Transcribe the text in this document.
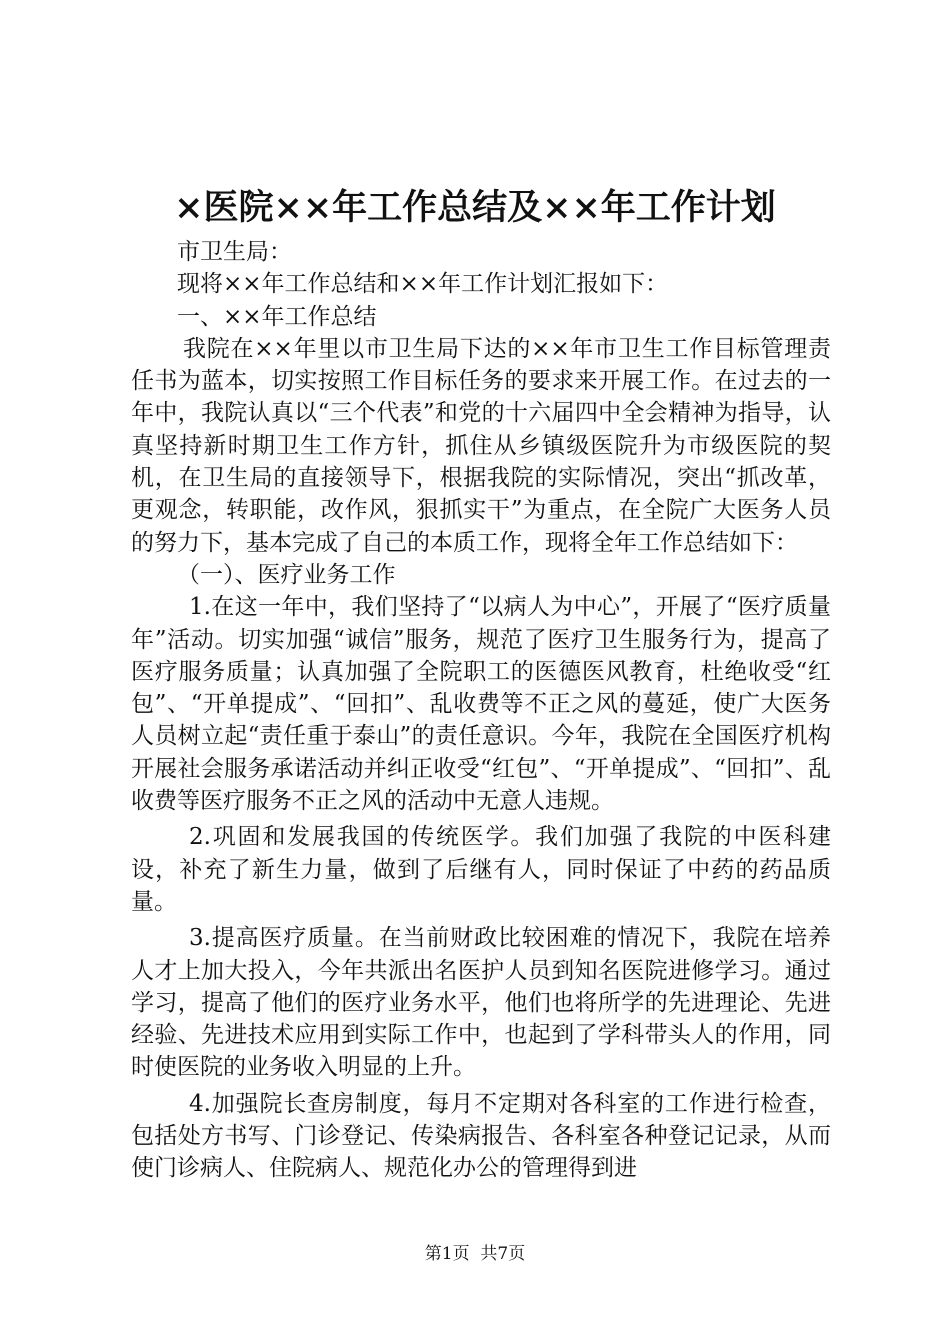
×医院××年工作总结及××年工作计划

市卫生局：

现将××年工作总结和××年工作计划汇报如下：

一、××年工作总结

我院在××年里以市卫生局下达的××年市卫生工作目标管理责任书为蓝本，切实按照工作目标任务的要求来开展工作。在过去的一年中，我院认真以“三个代表”和党的十六届四中全会精神为指导，认真坚持新时期卫生工作方针，抓住从乡镇级医院升为市级医院的契机，在卫生局的直接领导下，根据我院的实际情况，突出“抓改革，更观念，转职能，改作风，狠抓实干”为重点，在全院广大医务人员的努力下，基本完成了自己的本质工作，现将全年工作总结如下：

（一）、医疗业务工作

1.在这一年中，我们坚持了“以病人为中心”，开展了“医疗质量年”活动。切实加强“诚信”服务，规范了医疗卫生服务行为，提高了医疗服务质量；认真加强了全院职工的医德医风教育，杜绝收受“红包”、“开单提成”、“回扣”、乱收费等不正之风的蔓延，使广大医务人员树立起“责任重于泰山”的责任意识。今年，我院在全国医疗机构开展社会服务承诺活动并纠正收受“红包”、“开单提成”、“回扣”、乱收费等医疗服务不正之风的活动中无意人违规。

2.巩固和发展我国的传统医学。我们加强了我院的中医科建设，补充了新生力量，做到了后继有人，同时保证了中药的药品质量。

3.提高医疗质量。在当前财政比较困难的情况下，我院在培养人才上加大投入，今年共派出名医护人员到知名医院进修学习。通过学习，提高了他们的医疗业务水平，他们也将所学的先进理论、先进经验、先进技术应用到实际工作中，也起到了学科带头人的作用，同时使医院的业务收入明显的上升。

4.加强院长查房制度，每月不定期对各科室的工作进行检查，包括处方书写、门诊登记、传染病报告、各科室各种登记记录，从而使门诊病人、住院病人、规范化办公的管理得到进

第1页  共7页
